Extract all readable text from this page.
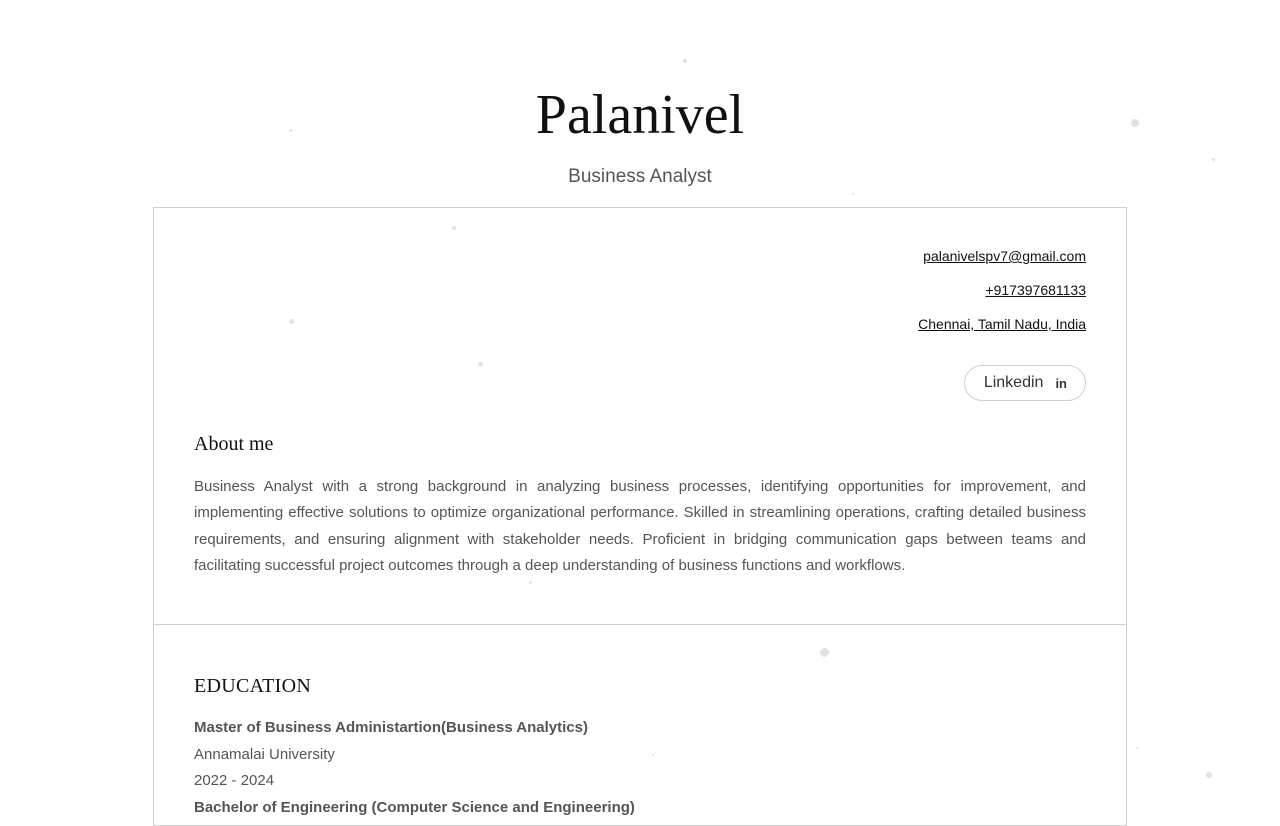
Palanivel
Business Analyst
palanivelspv7@gmail.com
+917397681133
Chennai, Tamil Nadu, India
Linkedin in
About me

Business Analyst with a strong background in analyzing business processes, identifying opportunities for improvement, and implementing effective solutions to optimize organizational performance. Skilled in streamlining operations, crafting detailed business requirements, and ensuring alignment with stakeholder needs. Proficient in bridging communication gaps between teams and facilitating successful project outcomes through a deep understanding of business functions and workflows.

EDUCATION
Master of Business Administartion(Business Analytics)
Annamalai University
2022 - 2024
Bachelor of Engineering (Computer Science and Engineering)
